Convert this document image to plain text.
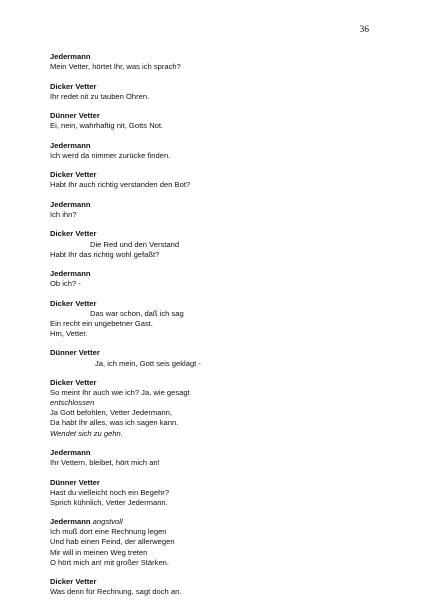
36
Jedermann
Mein Vetter, hörtet Ihr, was ich sprach?
Dicker Vetter
Ihr redet nit zu tauben Ohren.
Dünner Vetter
Ei, nein, wahrhaftig nit, Gotts Not.
Jedermann
Ich werd da nimmer zurücke finden.
Dicker Vetter
Habt Ihr auch richtig verstanden den Bot?
Jedermann
Ich ihn?
Dicker Vetter
Die Red und den Verstand
Habt Ihr das richtig wohl gefaßt?
Jedermann
Ob ich? -
Dicker Vetter
Das war schon, daß ich sag
Ein recht ein ungebetner Gast.
Hm, Vetter.
Dünner Vetter
Ja, ich mein, Gott seis geklagt -
Dicker Vetter
So meint Ihr auch wie ich? Ja, wie gesagt
entschlossen
Ja Gott befohlen, Vetter Jedermann,
Da habt Ihr alles, was ich sagen kann.
Wendet sich zu gehn.
Jedermann
Ihr Vettern, bleibet, hört mich an!
Dünner Vetter
Hast du vielleicht noch ein Begehr?
Sprich kühnlich, Vetter Jedermann.
Jedermann angstvoll
Ich muß dort eine Rechnung legen
Und hab einen Feind, der allerwegen
Mir will in meinen Weg treten
O hört mich an! mit großer Stärken.
Dicker Vetter
Was denn für Rechnung, sagt doch an.
